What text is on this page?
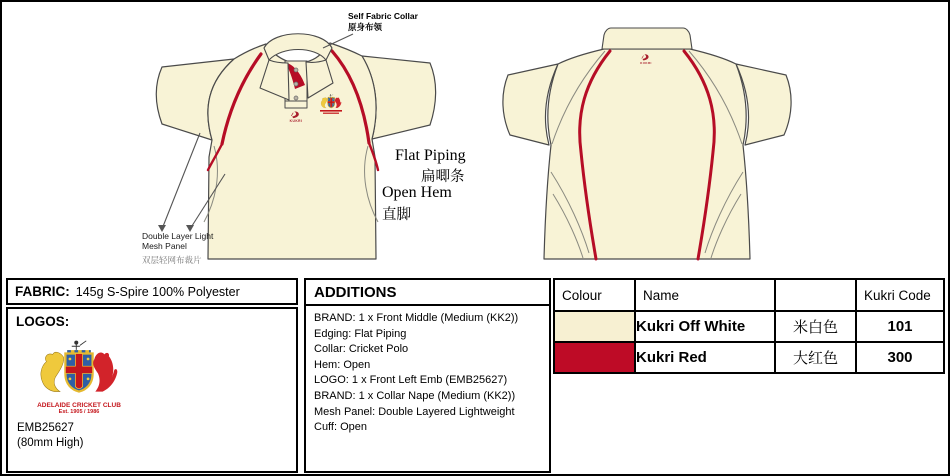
KUKRI	Self Fabric Collar
原身布领
Flat Piping
扁唧条
Open Hem
直脚
Double Layer Light
Mesh Panel
双层轻网布裁片
FABRIC: 145g S-Spire 100% Polyester
LOGOS:
ADELAIDE CRICKET CLUB
Est. 1905 / 1986
EMB25627
(80mm High)
ADDITIONS
BRAND: 1 x Front Middle (Medium (KK2))
Edging: Flat Piping
Collar: Cricket Polo
Hem: Open
LOGO: 1 x Front Left Emb (EMB25627)
BRAND: 1 x Collar Nape (Medium (KK2))
Mesh Panel: Double Layered Lightweight
Cuff: Open
Colour	Name		Kukri Code
	Kukri Off White	米白色	101
	Kukri Red	大红色	300
